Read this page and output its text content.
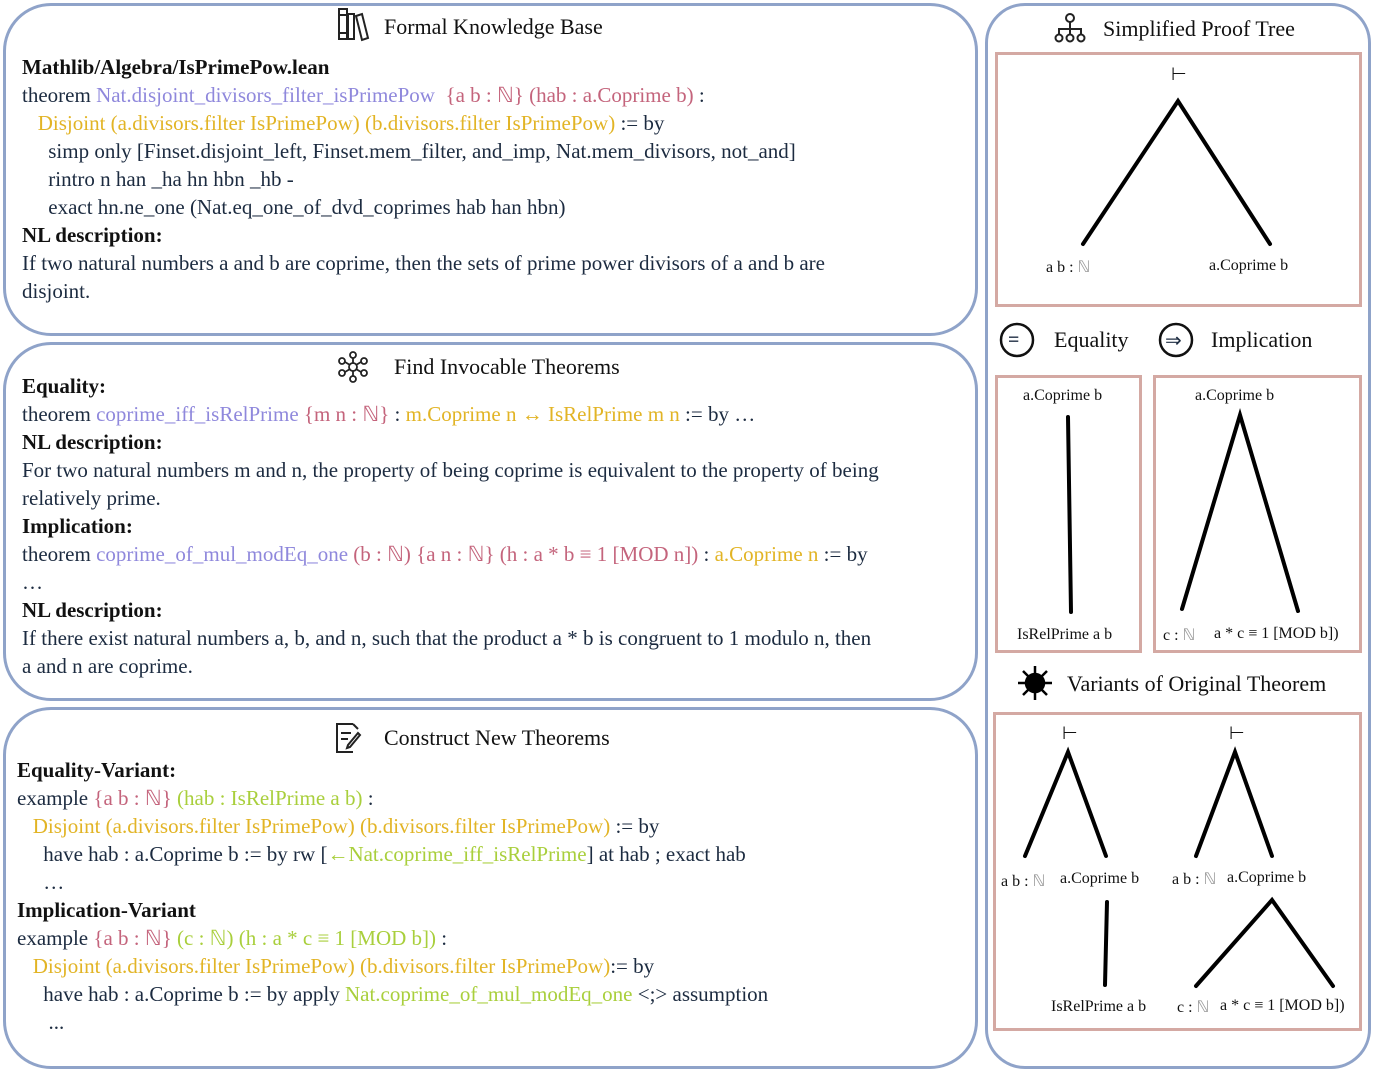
Formal Knowledge Base
Find Invocable Theorems
Construct New Theorems
Mathlib/Algebra/IsPrimePow.lean
theorem Nat.disjoint_divisors_filter_isPrimePow  {a b : ℕ} (hab : a.Coprime b) :
Disjoint (a.divisors.filter IsPrimePow) (b.divisors.filter IsPrimePow) := by
simp only [Finset.disjoint_left, Finset.mem_filter, and_imp, Nat.mem_divisors, not_and]
rintro n han _ha hn hbn _hb -
exact hn.ne_one (Nat.eq_one_of_dvd_coprimes hab han hbn)
NL description:
If two natural numbers a and b are coprime, then the sets of prime power divisors of a and b are
disjoint.
Equality:
theorem coprime_iff_isRelPrime {m n : ℕ} : m.Coprime n ↔ IsRelPrime m n := by …
NL description:
For two natural numbers m and n, the property of being coprime is equivalent to the property of being
relatively prime.
Implication:
theorem coprime_of_mul_modEq_one (b : ℕ) {a n : ℕ} (h : a * b ≡ 1 [MOD n]) : a.Coprime n := by
…
NL description:
If there exist natural numbers a, b, and n, such that the product a * b is congruent to 1 modulo n, then
a and n are coprime.
Equality-Variant:
example {a b : ℕ} (hab : IsRelPrime a b) :
Disjoint (a.divisors.filter IsPrimePow) (b.divisors.filter IsPrimePow) := by
have hab : a.Coprime b := by rw [←Nat.coprime_iff_isRelPrime] at hab ; exact hab
…
Implication-Variant
example {a b : ℕ} (c : ℕ) (h : a * c ≡ 1 [MOD b]) :
Disjoint (a.divisors.filter IsPrimePow) (b.divisors.filter IsPrimePow):= by
have hab : a.Coprime b := by apply Nat.coprime_of_mul_modEq_one <;> assumption
...
Simplified Proof Tree
⊢
a b : ℕ	a.Coprime b
= Equality ⇒ Implication
a.Coprime b
IsRelPrime a b
a.Coprime b
c : ℕ a * c ≡ 1 [MOD b])
Variants of Original Theorem
⊢	⊢
a b : ℕ a.Coprime b a b : ℕ a.Coprime b
IsRelPrime a b c : ℕ a * c ≡ 1 [MOD b])
